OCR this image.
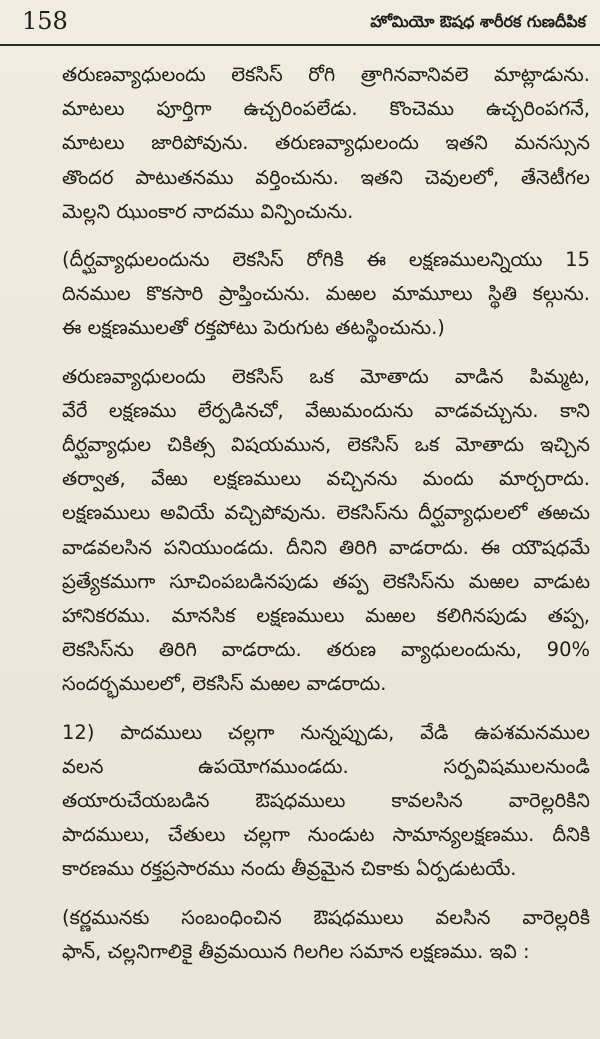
158	హోమియో ఔషధ శారీరక గుణదీపిక

తరుణవ్యాధులందు లెకసిస్ రోగి త్రాగినవానివలె మాట్లాడును.
మాటలు పూర్తిగా ఉచ్చరింపలేడు. కొంచెము ఉచ్చరింపగనే,
మాటలు జారిపోవును. తరుణవ్యాధులందు ఇతని మనస్సున
తొందర పాటుతనము వర్తించును. ఇతని చెవులలో, తేనెటీగల
మెల్లని ఝుంకార నాదము విన్పించును.

(దీర్ఘవ్యాధులందును లెకసిస్ రోగికి ఈ లక్షణములన్నియు 15
దినముల కొకసారి ప్రాప్తించును. మఱల మామూలు స్థితి కల్గును.
ఈ లక్షణములతో రక్తపోటు పెరుగుట తటస్థించును.)

తరుణవ్యాధులందు లెకసిస్ ఒక మోతాదు వాడిన పిమ్మట,
వేరే లక్షణము లేర్పడినచో, వేఱుమందును వాడవచ్చును. కాని
దీర్ఘవ్యాధుల చికిత్స విషయమున, లెకసిస్ ఒక మోతాదు ఇచ్చిన
తర్వాత, వేఱు లక్షణములు వచ్చినను మందు మార్చరాదు.
లక్షణములు అవియే వచ్చిపోవును. లెకసిస్‌ను దీర్ఘవ్యాధులలో తఱచు
వాడవలసిన పనియుండదు. దీనిని తిరిగి వాడరాదు. ఈ యౌషధమే
ప్రత్యేకముగా సూచింపబడినపుడు తప్ప లెకసిస్‌ను మఱల వాడుట
హానికరము. మానసిక లక్షణములు మఱల కలిగినపుడు తప్ప,
లెకసిస్‌ను తిరిగి వాడరాదు. తరుణ వ్యాధులందును, 90%
సందర్భములలో, లెకసిస్ మఱల వాడరాదు.

12) పాదములు చల్లగా నున్నప్పుడు, వేడి ఉపశమనముల
వలన ఉపయోగముండదు. సర్పవిషములనుండి
తయారుచేయబడిన ఔషధములు కావలసిన వారెల్లరికిని
పాదములు, చేతులు చల్లగా నుండుట సామాన్యలక్షణము. దీనికి
కారణము రక్తప్రసారము నందు తీవ్రమైన చికాకు ఏర్పడుటయే.

(కర్ణమునకు సంబంధించిన ఔషధములు వలసిన వారెల్లరికి
ఫాన్, చల్లనిగాలికై తీవ్రమయిన గిలగిల సమాన లక్షణము. ఇవి :
